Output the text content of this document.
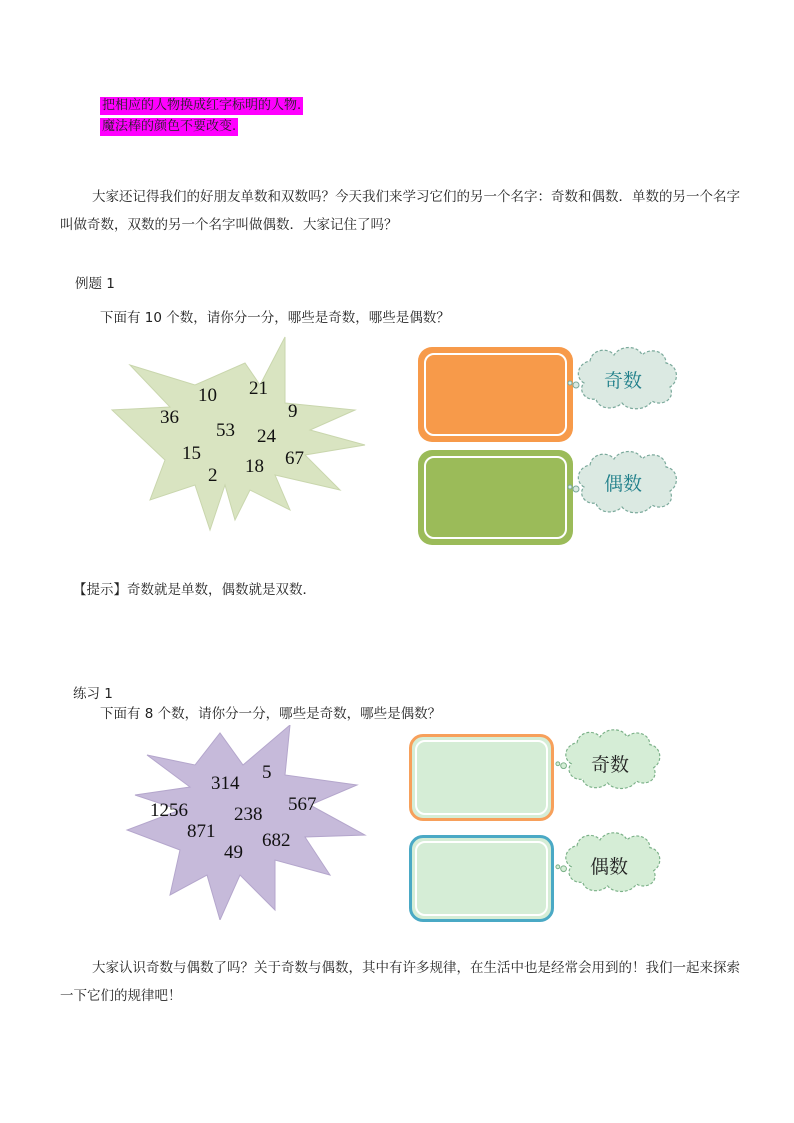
把相应的人物换成红字标明的人物.
魔法棒的颜色不要改变.
大家还记得我们的好朋友单数和双数吗？今天我们来学习它们的另一个名字：奇数和偶数．单数的另一个名字叫做奇数，双数的另一个名字叫做偶数．大家记住了吗？
例题 1
下面有 10 个数，请你分一分，哪些是奇数，哪些是偶数？
10 21
36	9
53 24
15	67
18
2
奇数
偶数
【提示】奇数就是单数，偶数就是双数．
练习 1
下面有 8 个数，请你分一分，哪些是奇数，哪些是偶数？
314
5
1256 238 567
871 682
49
奇数
偶数
大家认识奇数与偶数了吗？关于奇数与偶数，其中有许多规律，在生活中也是经常会用到的！我们一起来探索一下它们的规律吧！
